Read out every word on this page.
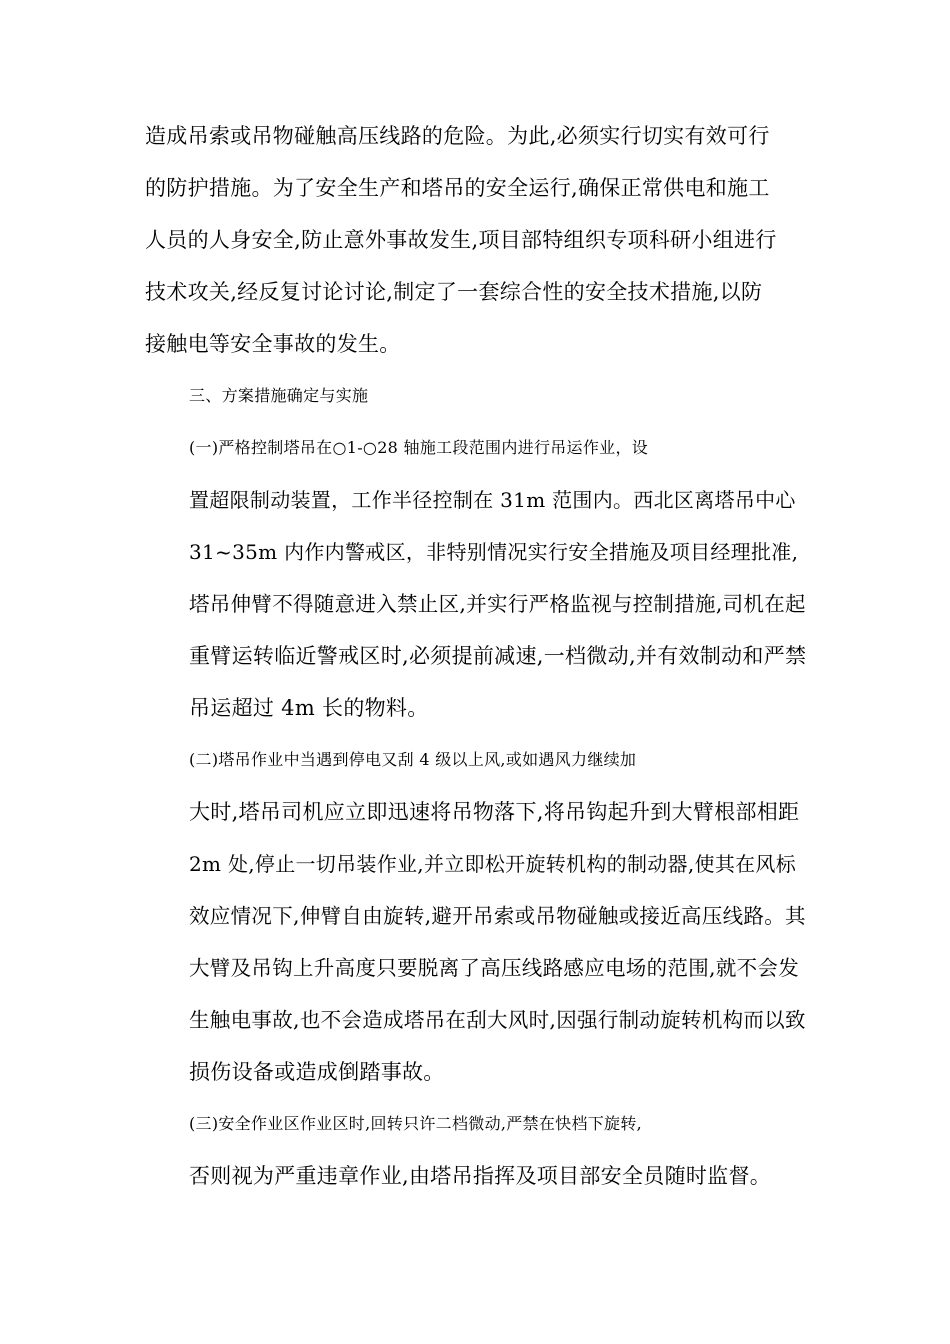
造成吊索或吊物碰触高压线路的危险。为此,必须实行切实有效可行
的防护措施。为了安全生产和塔吊的安全运行,确保正常供电和施工
人员的人身安全,防止意外事故发生,项目部特组织专项科研小组进行
技术攻关,经反复讨论讨论,制定了一套综合性的安全技术措施,以防
接触电等安全事故的发生。

三、方案措施确定与实施

(一)严格控制塔吊在○1-○28 轴施工段范围内进行吊运作业，设
置超限制动装置，工作半径控制在 31m 范围内。西北区离塔吊中心
31~35m 内作内警戒区，非特别情况实行安全措施及项目经理批准,
塔吊伸臂不得随意进入禁止区,并实行严格监视与控制措施,司机在起
重臂运转临近警戒区时,必须提前减速,一档微动,并有效制动和严禁
吊运超过 4m 长的物料。

(二)塔吊作业中当遇到停电又刮 4 级以上风,或如遇风力继续加
大时,塔吊司机应立即迅速将吊物落下,将吊钩起升到大臂根部相距
2m 处,停止一切吊装作业,并立即松开旋转机构的制动器,使其在风标
效应情况下,伸臂自由旋转,避开吊索或吊物碰触或接近高压线路。其
大臂及吊钩上升高度只要脱离了高压线路感应电场的范围,就不会发
生触电事故,也不会造成塔吊在刮大风时,因强行制动旋转机构而以致
损伤设备或造成倒踏事故。

(三)安全作业区作业区时,回转只许二档微动,严禁在快档下旋转,
否则视为严重违章作业,由塔吊指挥及项目部安全员随时监督。
